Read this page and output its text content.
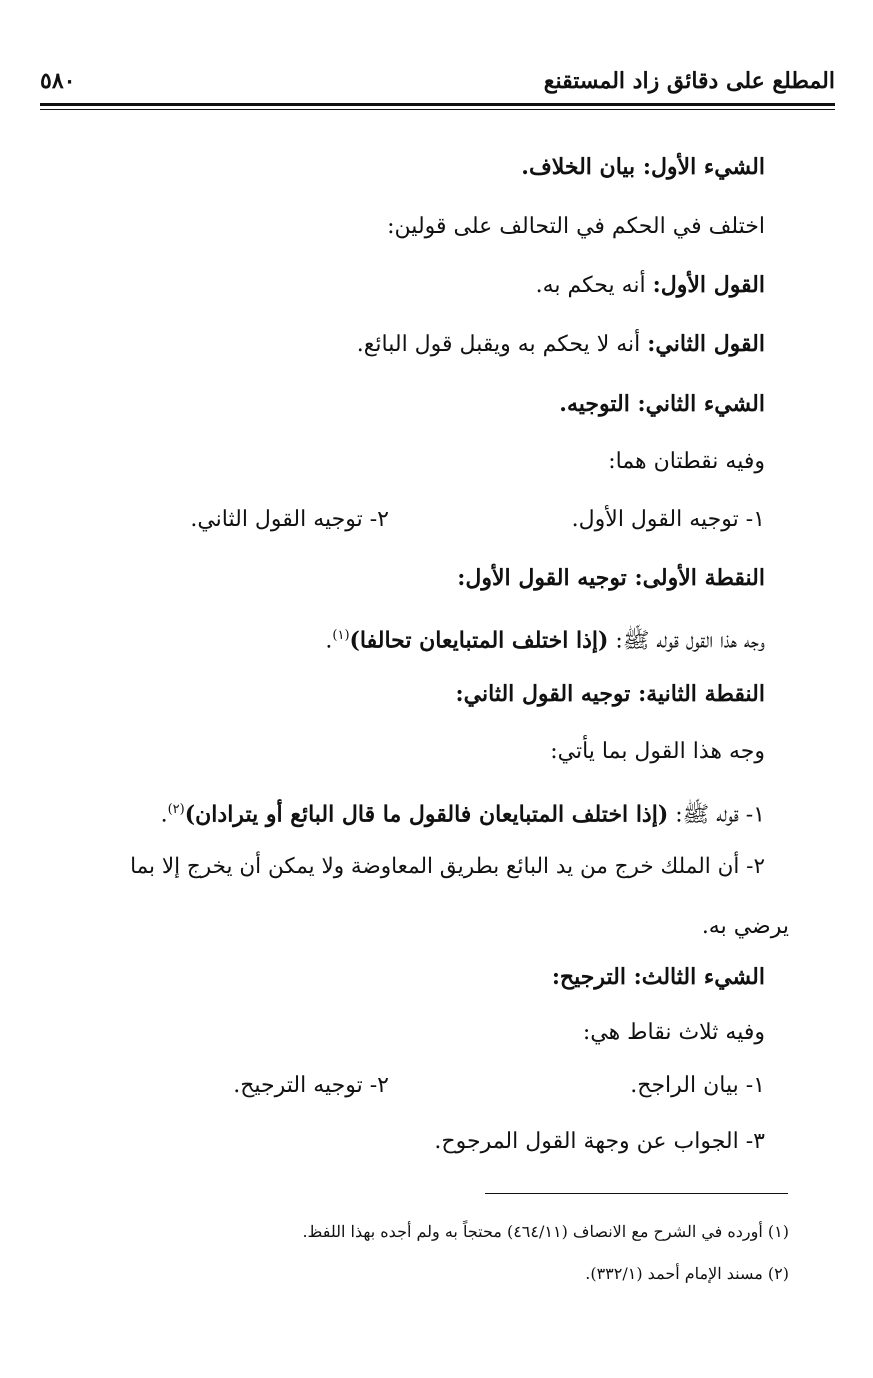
المطلع على دقائق زاد المستقنع
٥٨٠
الشيء الأول: بيان الخلاف.
اختلف في الحكم في التحالف على قولين:
القول الأول: أنه يحكم به.
القول الثاني: أنه لا يحكم به ويقبل قول البائع.
الشيء الثاني: التوجيه.
وفيه نقطتان هما:
١- توجيه القول الأول.
٢- توجيه القول الثاني.
النقطة الأولى: توجيه القول الأول:
وجه هذا القول قوله ﷺ: (إذا اختلف المتبايعان تحالفا)$^{(١)}$.
النقطة الثانية: توجيه القول الثاني:
وجه هذا القول بما يأتي:
١- قوله ﷺ: (إذا اختلف المتبايعان فالقول ما قال البائع أو يترادان)$^{(٢)}$.
٢- أن الملك خرج من يد البائع بطريق المعاوضة ولا يمكن أن يخرج إلا بما
يرضي به.
الشيء الثالث: الترجيح:
وفيه ثلاث نقاط هي:
١- بيان الراجح.
٢- توجيه الترجيح.
٣- الجواب عن وجهة القول المرجوح.
(١) أورده في الشرح مع الانصاف (٤٦٤/١١) محتجاً به ولم أجده بهذا اللفظ.
(٢) مسند الإمام أحمد (٣٣٢/١).
